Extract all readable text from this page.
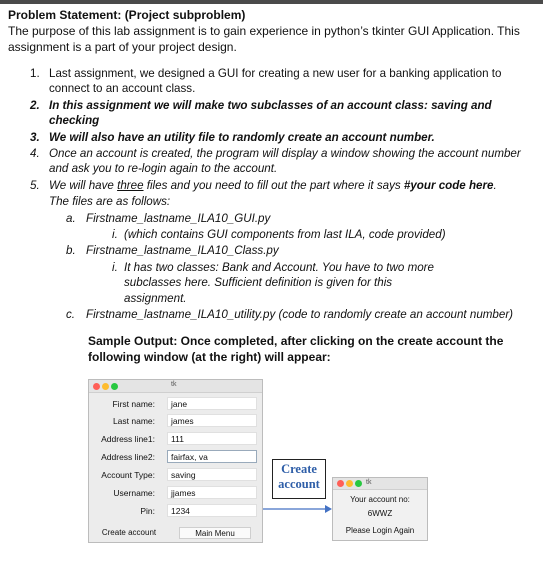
Problem Statement: (Project subproblem)
The purpose of this lab assignment is to gain experience in python’s tkinter GUI Application. This assignment is a part of your project design.
1. Last assignment, we designed a GUI for creating a new user for a banking application to connect to an account class.
2. In this assignment we will make two subclasses of an account class: saving and checking
3. We will also have an utility file to randomly create an account number.
4. Once an account is created, the program will display a window showing the account number and ask you to re-login again to the account.
5. We will have three files and you need to fill out the part where it says #your code here.
The files are as follows:
a. Firstname_lastname_ILA10_GUI.py
i. (which contains GUI components from last ILA, code provided)
b. Firstname_lastname_ILA10_Class.py
i. It has two classes: Bank and Account. You have to two more subclasses here. Sufficient definition is given for this assignment.
c. Firstname_lastname_ILA10_utility.py (code to randomly create an account number)
Sample Output: Once completed, after clicking on the create account the following window (at the right) will appear:
tk
First name:	jane
Last name:	james
Address line1:	111
Address line2:	fairfax, va
Account Type:	saving
Username:	jjames
Pin:	1234
Create account	Main Menu
Create
account	tk
Your account no:
6WWZ
Please Login Again
